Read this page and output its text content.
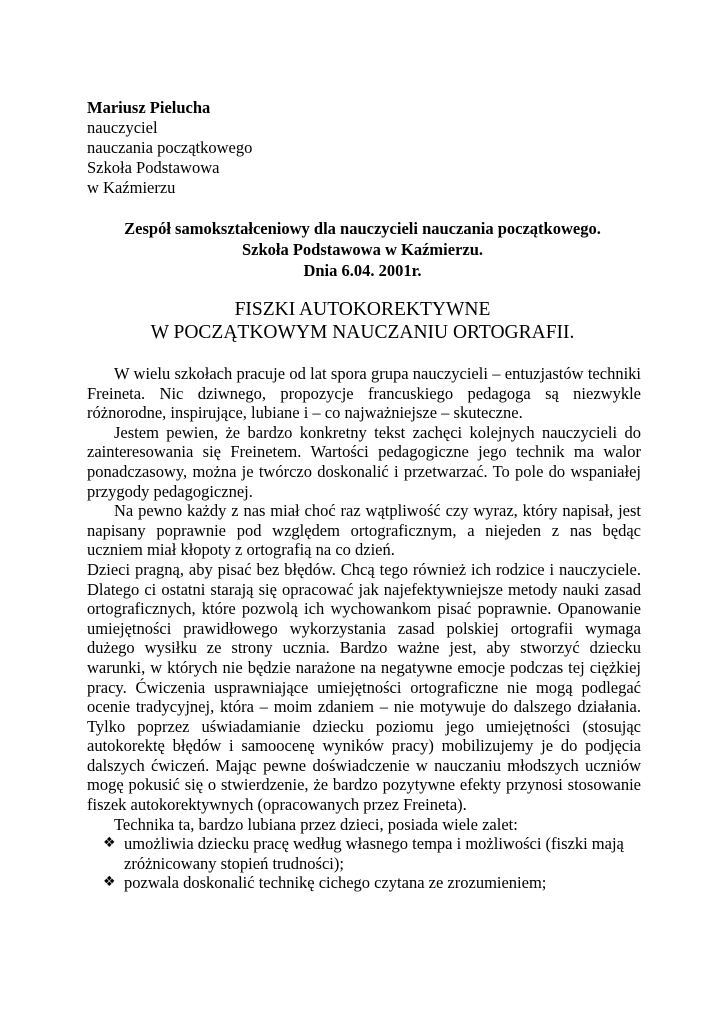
Mariusz Pielucha
nauczyciel
nauczania początkowego
Szkoła Podstawowa
w Kaźmierzu
Zespół samokształceniowy dla nauczycieli nauczania początkowego.
Szkoła Podstawowa w Kaźmierzu.
Dnia 6.04. 2001r.
FISZKI AUTOKOREKTYWNE
W POCZĄTKOWYM NAUCZANIU ORTOGRAFII.

W wielu szkołach pracuje od lat spora grupa nauczycieli – entuzjastów techniki Freineta. Nic dziwnego, propozycje francuskiego pedagoga są niezwykle różnorodne, inspirujące, lubiane i – co najważniejsze – skuteczne.

Jestem pewien, że bardzo konkretny tekst zachęci kolejnych nauczycieli do zainteresowania się Freinetem. Wartości pedagogiczne jego technik ma walor ponadczasowy, można je twórczo doskonalić i przetwarzać. To pole do wspaniałej przygody pedagogicznej.

Na pewno każdy z nas miał choć raz wątpliwość czy wyraz, który napisał, jest napisany poprawnie pod względem ortograficznym, a niejeden z nas będąc uczniem miał kłopoty z ortografią na co dzień.

Dzieci pragną, aby pisać bez błędów. Chcą tego również ich rodzice i nauczyciele. Dlatego ci ostatni starają się opracować jak najefektywniejsze metody nauki zasad ortograficznych, które pozwolą ich wychowankom pisać poprawnie. Opanowanie umiejętności prawidłowego wykorzystania zasad polskiej ortografii wymaga dużego wysiłku ze strony ucznia. Bardzo ważne jest, aby stworzyć dziecku warunki, w których nie będzie narażone na negatywne emocje podczas tej ciężkiej pracy. Ćwiczenia usprawniające umiejętności ortograficzne nie mogą podlegać ocenie tradycyjnej, która – moim zdaniem – nie motywuje do dalszego działania. Tylko poprzez uświadamianie dziecku poziomu jego umiejętności (stosując autokorektę błędów i samoocenę wyników pracy) mobilizujemy je do podjęcia dalszych ćwiczeń. Mając pewne doświadczenie w nauczaniu młodszych uczniów mogę pokusić się o stwierdzenie, że bardzo pozytywne efekty przynosi stosowanie fiszek autokorektywnych (opracowanych przez Freineta).

Technika ta, bardzo lubiana przez dzieci, posiada wiele zalet:

❖ umożliwia dziecku pracę według własnego tempa i możliwości (fiszki mają zróżnicowany stopień trudności);
❖ pozwala doskonalić technikę cichego czytana ze zrozumieniem;
